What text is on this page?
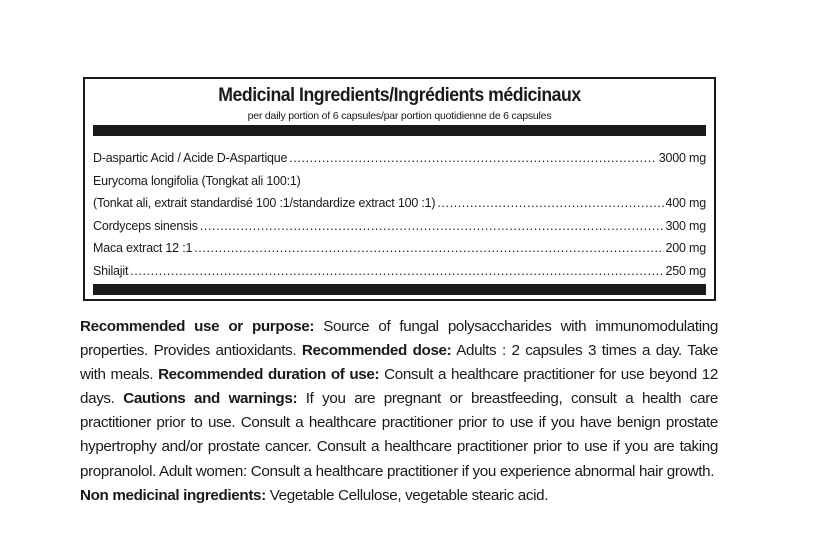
Medicinal Ingredients/Ingrédients médicinaux
per daily portion of 6 capsules/par portion quotidienne de 6 capsules
D-aspartic Acid / Acide D-Aspartique .....	3000 mg
Eurycoma longifolia (Tongkat ali 100:1)
(Tonkat ali, extrait standardisé 100 :1/standardize extract 100 :1) .....	400 mg
Cordyceps sinensis .....	300 mg
Maca extract 12 :1 .....	200 mg
Shilajit .....	250 mg
Recommended use or purpose: Source of fungal polysaccharides with immunomodulating properties. Provides antioxidants. Recommended dose: Adults : 2 capsules 3 times a day. Take with meals. Recommended duration of use: Consult a healthcare practitioner for use beyond 12 days. Cautions and warnings: If you are pregnant or breastfeeding, consult a health care practitioner prior to use. Consult a healthcare practitioner prior to use if you have benign prostate hypertrophy and/or prostate cancer. Consult a healthcare practitioner prior to use if you are taking propranolol. Adult women: Consult a healthcare practitioner if you experience abnormal hair growth.  Non medicinal ingredients: Vegetable Cellulose, vegetable stearic acid.
